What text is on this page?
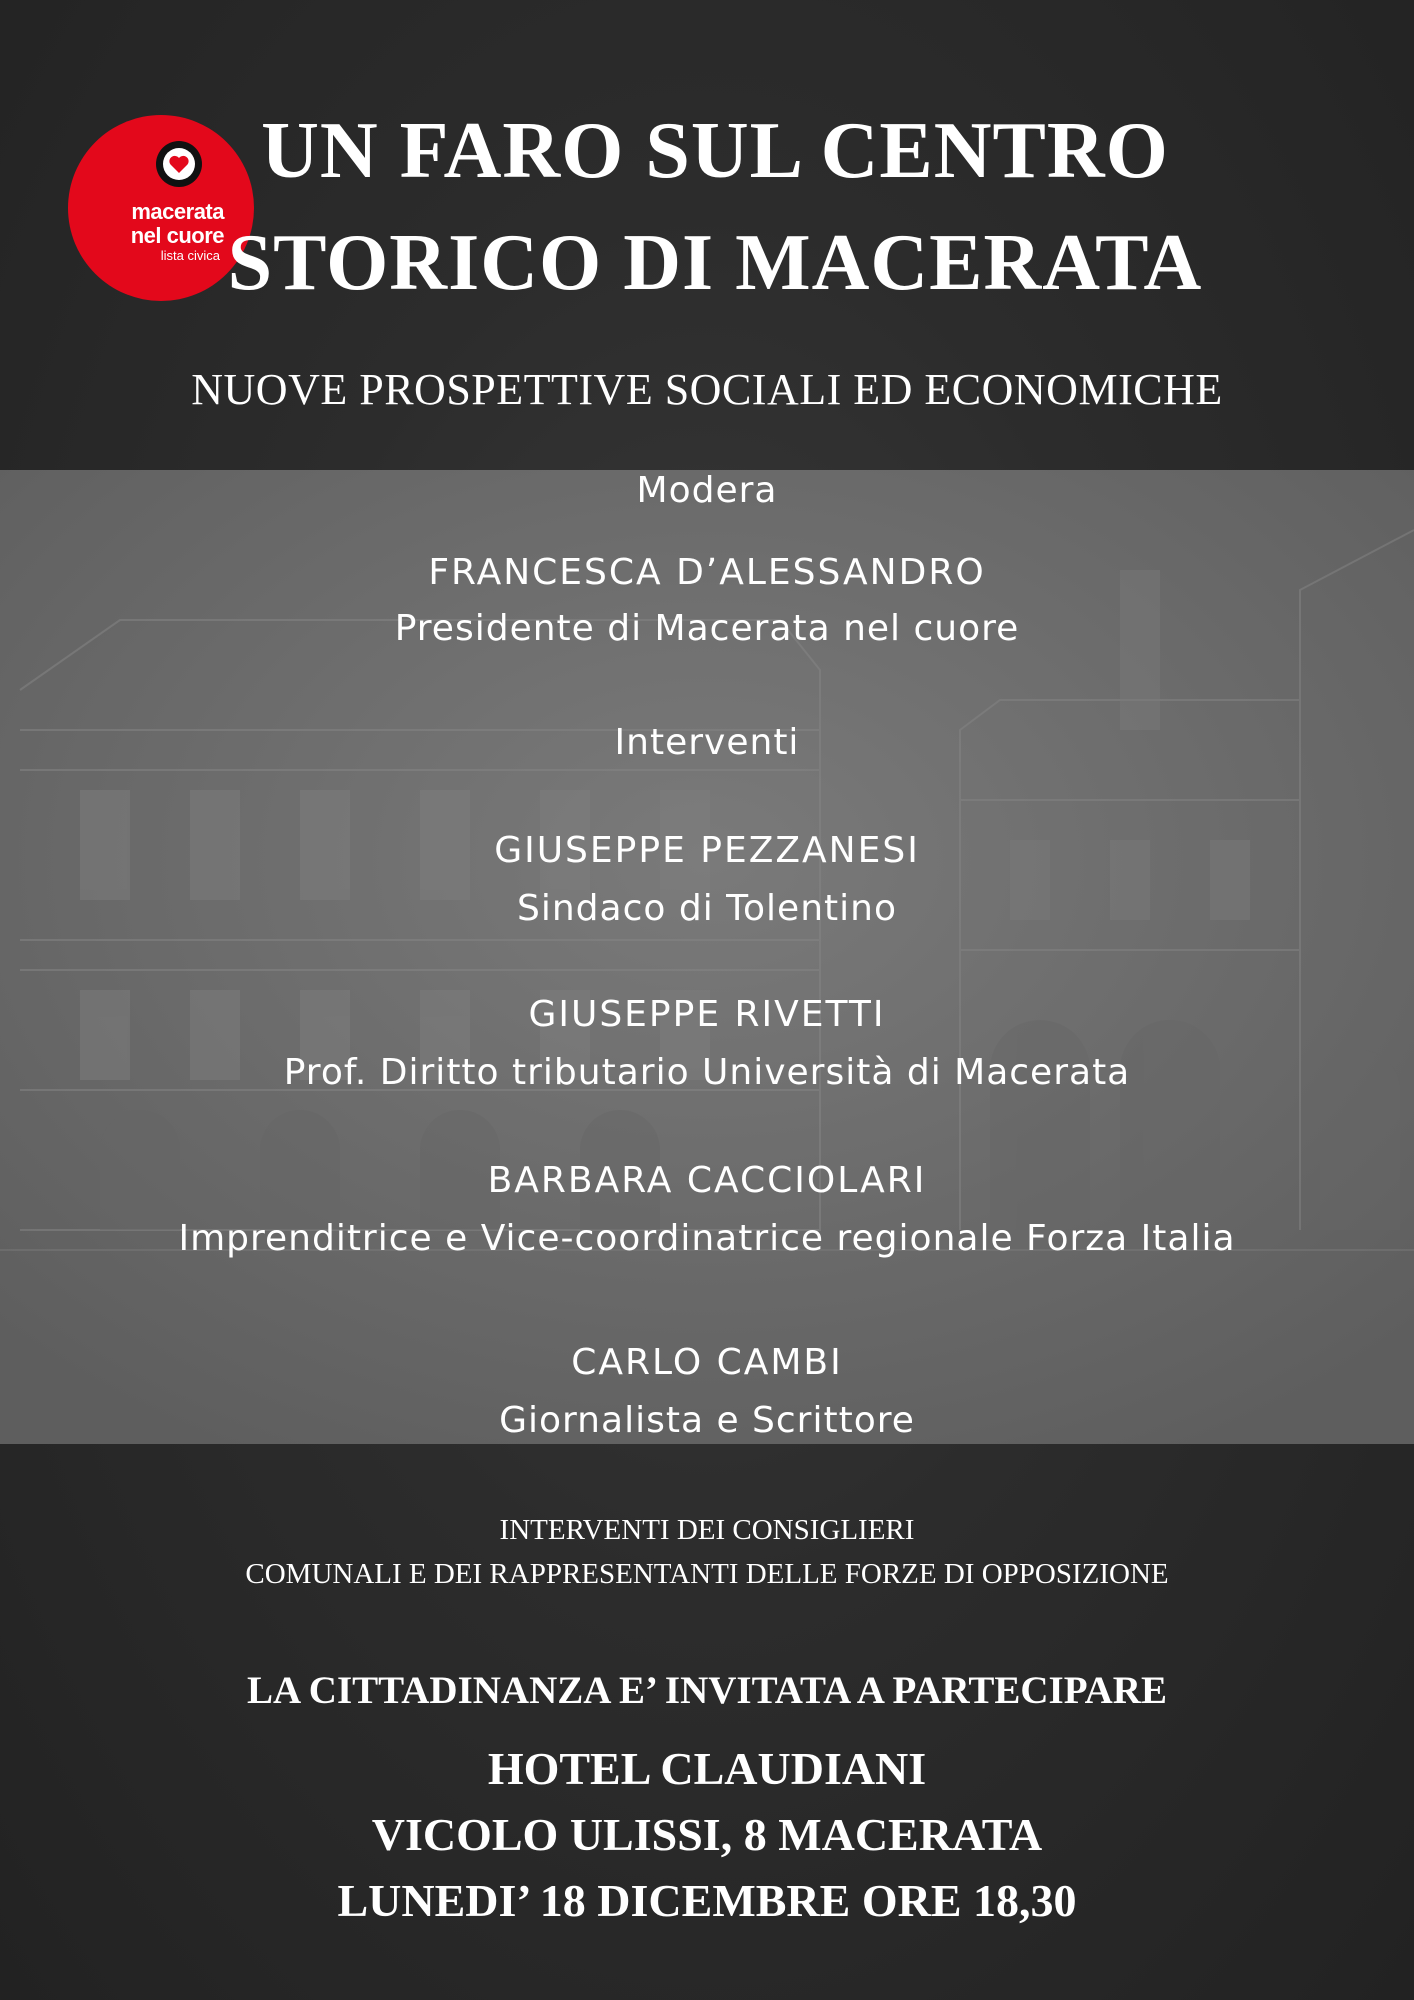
macerata
nel cuore
lista civica
UN FARO SUL CENTRO
STORICO DI MACERATA
NUOVE PROSPETTIVE SOCIALI ED ECONOMICHE
Modera
FRANCESCA D’ALESSANDRO
Presidente di Macerata nel cuore
Interventi
GIUSEPPE PEZZANESI
Sindaco di Tolentino
GIUSEPPE RIVETTI
Prof. Diritto tributario Università di Macerata
BARBARA CACCIOLARI
Imprenditrice e Vice-coordinatrice regionale Forza Italia
CARLO CAMBI
Giornalista e Scrittore
INTERVENTI DEI CONSIGLIERI
COMUNALI E DEI RAPPRESENTANTI DELLE FORZE DI OPPOSIZIONE
LA CITTADINANZA E’ INVITATA A PARTECIPARE
HOTEL CLAUDIANI
VICOLO ULISSI, 8 MACERATA
LUNEDI’ 18 DICEMBRE ORE 18,30
